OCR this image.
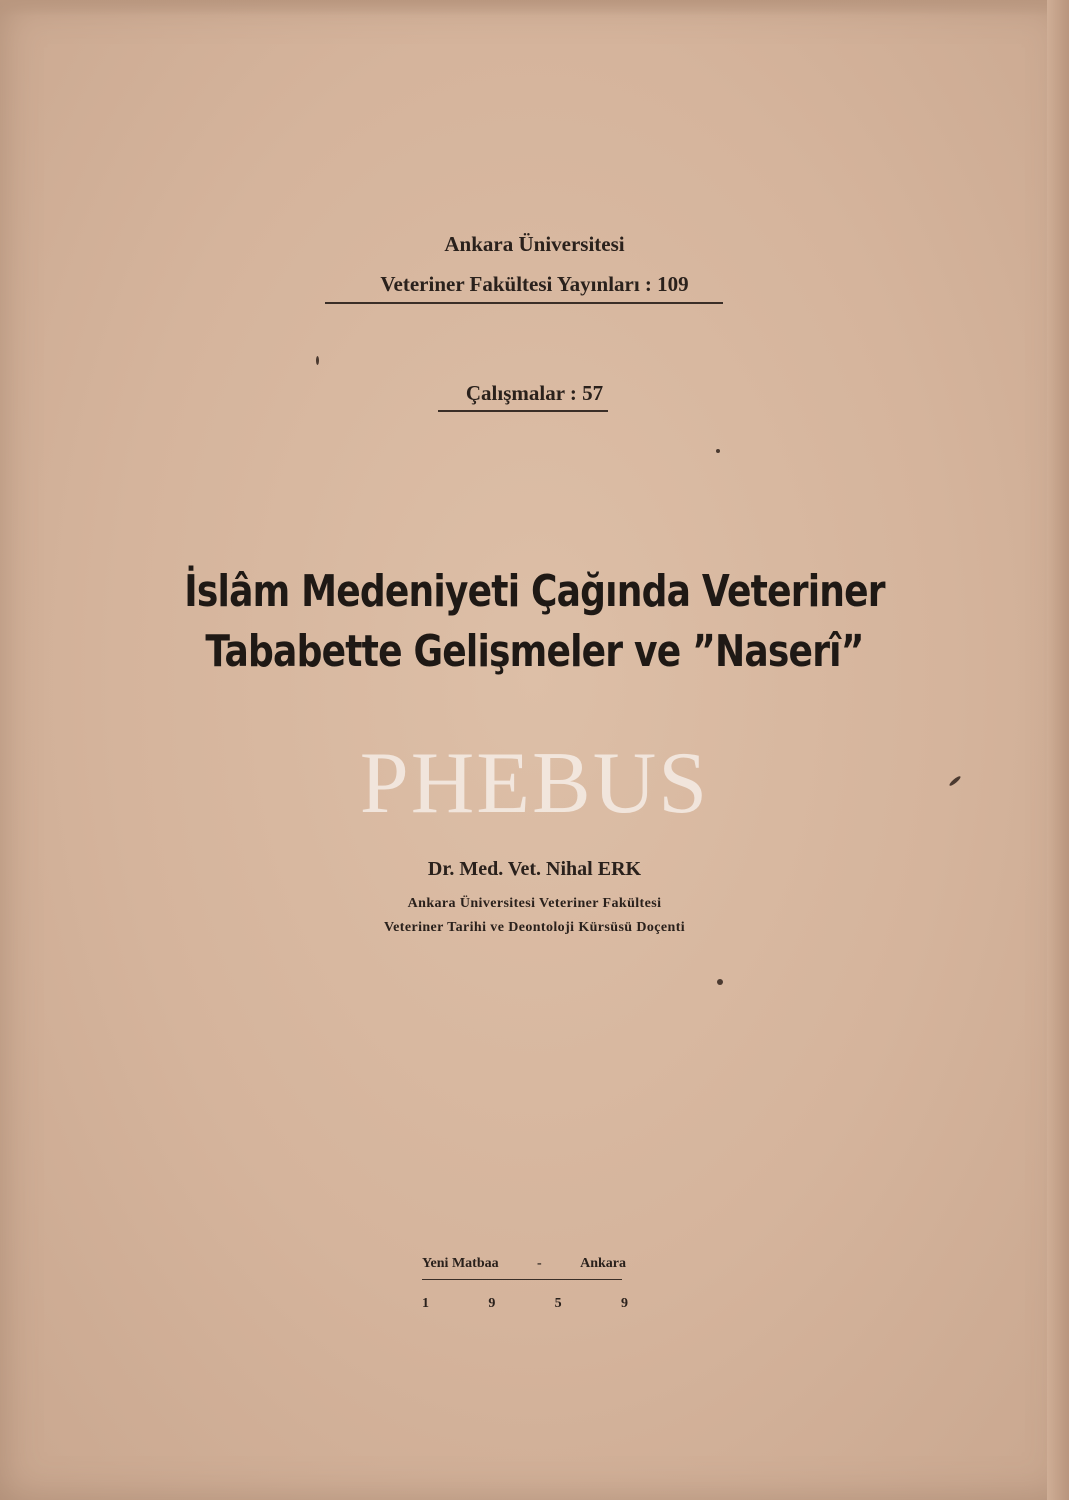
Ankara Üniversitesi
Veteriner Fakültesi Yayınları : 109
Çalışmalar : 57
İslâm Medeniyeti Çağında Veteriner
Tababette Gelişmeler ve ”Naserî”
PHEBUS
Dr. Med. Vet. Nihal ERK
Ankara Üniversitesi Veteriner Fakültesi
Veteriner Tarihi ve Deontoloji Kürsüsü Doçenti
Yeni Matbaa	-	Ankara
1	9	5	9
